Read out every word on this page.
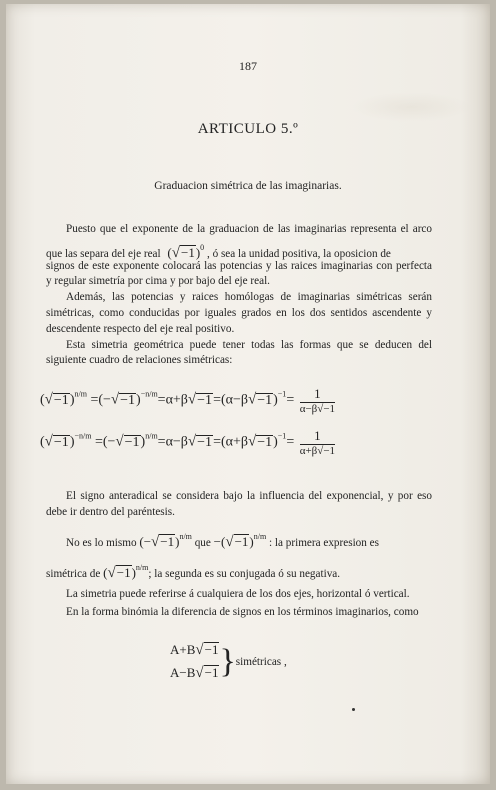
187
ARTICULO 5.º
Graduacion simétrica de las imaginarias.
Puesto que el exponente de la graduacion de las imaginarias representa el arco
que las separa del eje real $(√-1)^0$ , ó sea la unidad positiva, la oposicion de
signos de este exponente colocará las potencias y las raices imaginarias con perfecta
y regular simetría por cima y por bajo del eje real.
Además, las potencias y raices homólogas de imaginarias simétricas serán
simétricas, como conducidas por iguales grados en los dos sentidos ascendente y
descendente respecto del eje real positivo.
Esta simetria geométrica puede tener todas las formas que se deducen del
siguiente cuadro de relaciones simétricas:
$(√-1)^{n/m} =(-√-1)^{-n/m}=\alpha+\beta√-1=(\alpha-\beta√-1)^{-1}= \frac{1}{\alpha-\beta√-1}$
$(√-1)^{-n/m} =(-√-1)^{n/m}=\alpha-\beta√-1=(\alpha+\beta√-1)^{-1}= \frac{1}{\alpha+\beta√-1}$
El signo anteradical se considera bajo la influencia del exponencial, y por eso
debe ir dentro del paréntesis.
No es lo mismo $(-√-1)^{n/m}$ que $-(√-1)^{n/m}$ : la primera expresion es
simétrica de $(√-1)^{n/m}$; la segunda es su conjugada ó su negativa.
La simetria puede referirse á cualquiera de los dos ejes, horizontal ó vertical.
En la forma binómia la diferencia de signos en los términos imaginarios, como
A+B√−1
A−B√−1 }simétricas ,
